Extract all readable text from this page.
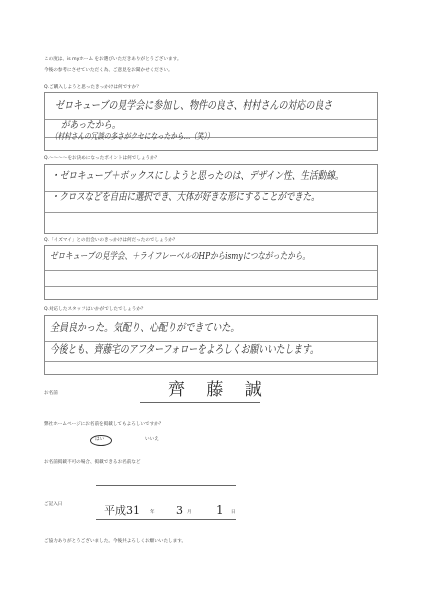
この度は、is myホーム をお選びいただきありがとうございます。
今後の参考にさせていただく為、ご意見をお聞かせください。
Q.ご購入しようと思ったきっかけは何ですか？
ゼロキューブの見学会に参加し、物件の良さ、村村さんの対応の良さ
があったから。
（村村さんの冗談の多さがクセになったから…（笑））
Q.〜〜〜〜をお決めになったポイントは何でしょうか？
・ゼロキューブ＋ボックスにしようと思ったのは、デザイン性、生活動線。
・クロスなどを自由に選択でき、大体が好きな形にすることができた。
Q.「イズマイ」との出会いのきっかけは何だったのでしょうか？
ゼロキューブの見学会、＋ライフレーベルのHPからismyにつながったから。
Q.対応したスタッフはいかがでしたでしょうか？
全員良かった。気配り、心配りができていた。
今後とも、齊藤宅のアフターフォローをよろしくお願いいたします。
お名前	齊 藤 誠
弊社ホームページにお名前を掲載してもよろしいですか？
はい	いいえ
お名前掲載不可の場合、掲載できるお名前など
ご記入日	平成31 年 3 月 1 日
ご協力ありがとうございました。今後共よろしくお願いいたします。
